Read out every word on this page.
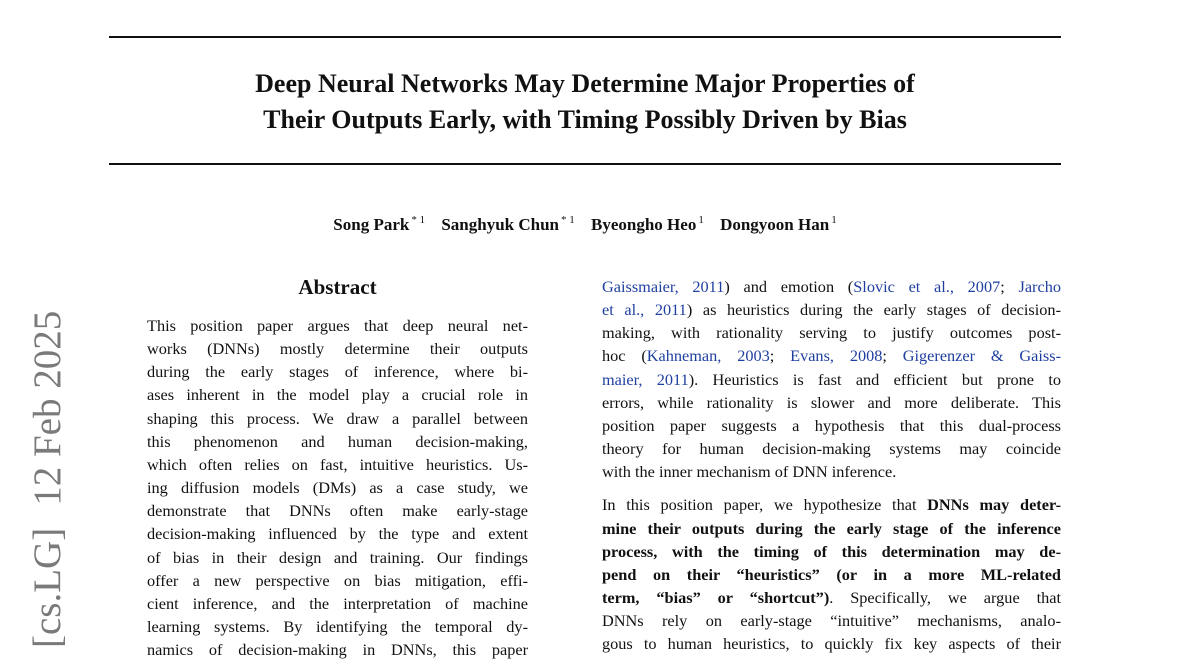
Deep Neural Networks May Determine Major Properties of
Their Outputs Early, with Timing Possibly Driven by Bias
Song Park $^{* 1}$ Sanghyuk Chun $^{* 1}$ Byeongho Heo $^1$ Dongyoon Han $^1$
[cs.LG]12 Feb 2025
Abstract
This position paper argues that deep neural net-
works (DNNs) mostly determine their outputs
during the early stages of inference, where bi-
ases inherent in the model play a crucial role in
shaping this process. We draw a parallel between
this phenomenon and human decision-making,
which often relies on fast, intuitive heuristics. Us-
ing diffusion models (DMs) as a case study, we
demonstrate that DNNs often make early-stage
decision-making influenced by the type and extent
of bias in their design and training. Our findings
offer a new perspective on bias mitigation, effi-
cient inference, and the interpretation of machine
learning systems. By identifying the temporal dy-
namics of decision-making in DNNs, this paper

Gaissmaier, 2011) and emotion (Slovic et al., 2007; Jarcho
et al., 2011) as heuristics during the early stages of decision-
making, with rationality serving to justify outcomes post-
hoc (Kahneman, 2003; Evans, 2008; Gigerenzer & Gaiss-
maier, 2011). Heuristics is fast and efficient but prone to
errors, while rationality is slower and more deliberate. This
position paper suggests a hypothesis that this dual-process
theory for human decision-making systems may coincide
with the inner mechanism of DNN inference.

In this position paper, we hypothesize that DNNs may deter-
mine their outputs during the early stage of the inference
process, with the timing of this determination may de-
pend on their “heuristics” (or in a more ML-related
term, “bias” or “shortcut”). Specifically, we argue that
DNNs rely on early-stage “intuitive” mechanisms, analo-
gous to human heuristics, to quickly fix key aspects of their
